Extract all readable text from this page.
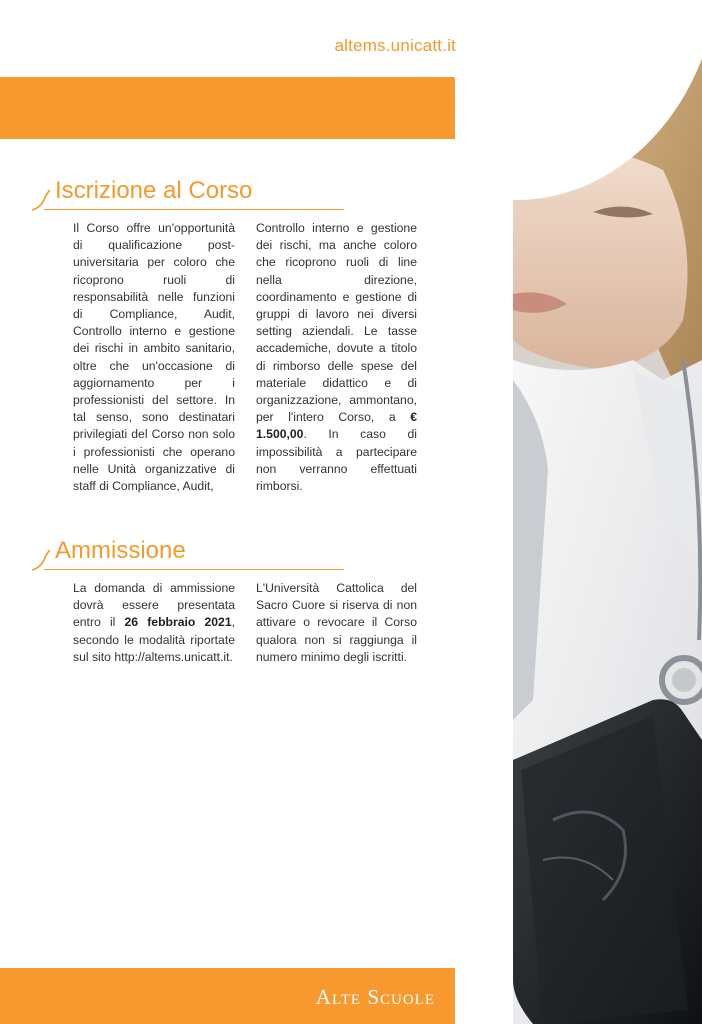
altems.unicatt.it
Iscrizione al Corso
Il Corso offre un'opportunità di qualificazione post-universitaria per coloro che ricoprono ruoli di responsabilità nelle funzioni di Compliance, Audit, Controllo interno e gestione dei rischi in ambito sanitario, oltre che un'occasione di aggiornamento per i professionisti del settore. In tal senso, sono destinatari privilegiati del Corso non solo i professionisti che operano nelle Unità organizzative di staff di Compliance, Audit,
Controllo interno e gestione dei rischi, ma anche coloro che ricoprono ruoli di line nella direzione, coordinamento e gestione di gruppi di lavoro nei diversi setting aziendali. Le tasse accademiche, dovute a titolo di rimborso delle spese del materiale didattico e di organizzazione, ammontano, per l'intero Corso, a € 1.500,00. In caso di impossibilità a partecipare non verranno effettuati rimborsi.
Ammissione
La domanda di ammissione dovrà essere presentata entro il 26 febbraio 2021, secondo le modalità riportate sul sito http://altems.unicatt.it.
L'Università Cattolica del Sacro Cuore si riserva di non attivare o revocare il Corso qualora non si raggiunga il numero minimo degli iscritti.
Alte Scuole
